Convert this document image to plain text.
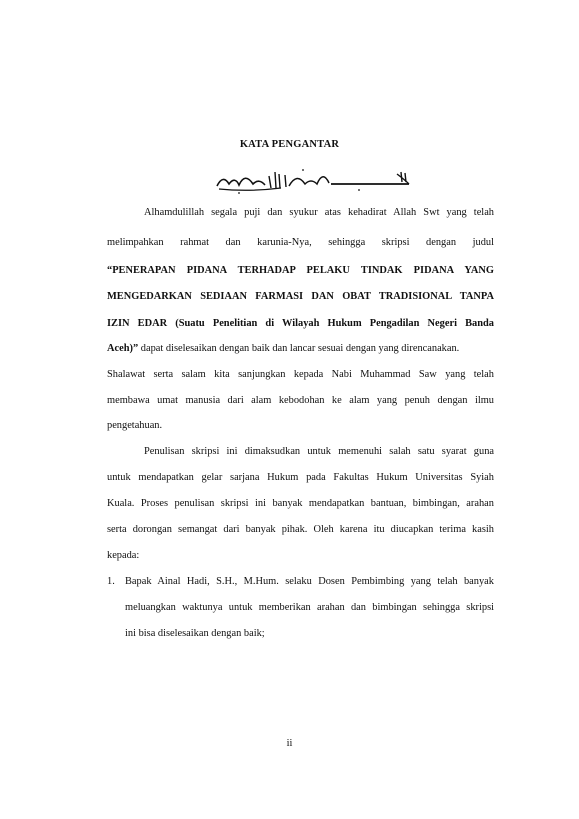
KATA PENGANTAR
Alhamdulillah segala puji dan syukur atas kehadirat Allah Swt yang telah
melimpahkan rahmat dan karunia-Nya, sehingga skripsi dengan judul
“PENERAPAN PIDANA TERHADAP PELAKU TINDAK PIDANA YANG
MENGEDARKAN SEDIAAN FARMASI DAN OBAT TRADISIONAL TANPA
IZIN EDAR (Suatu Penelitian di Wilayah Hukum Pengadilan Negeri Banda
Aceh)” dapat diselesaikan dengan baik dan lancar sesuai dengan yang direncanakan.
Shalawat serta salam kita sanjungkan kepada Nabi Muhammad Saw yang telah
membawa umat manusia dari alam kebodohan ke alam yang penuh dengan ilmu
pengetahuan.
Penulisan skripsi ini dimaksudkan untuk memenuhi salah satu syarat guna
untuk mendapatkan gelar sarjana Hukum pada Fakultas Hukum Universitas Syiah
Kuala. Proses penulisan skripsi ini banyak mendapatkan bantuan, bimbingan, arahan
serta dorongan semangat dari banyak pihak. Oleh karena itu diucapkan terima kasih
kepada:
1. Bapak Ainal Hadi, S.H., M.Hum. selaku Dosen Pembimbing yang telah banyak
meluangkan waktunya untuk memberikan arahan dan bimbingan sehingga skripsi
ini bisa diselesaikan dengan baik;
ii
